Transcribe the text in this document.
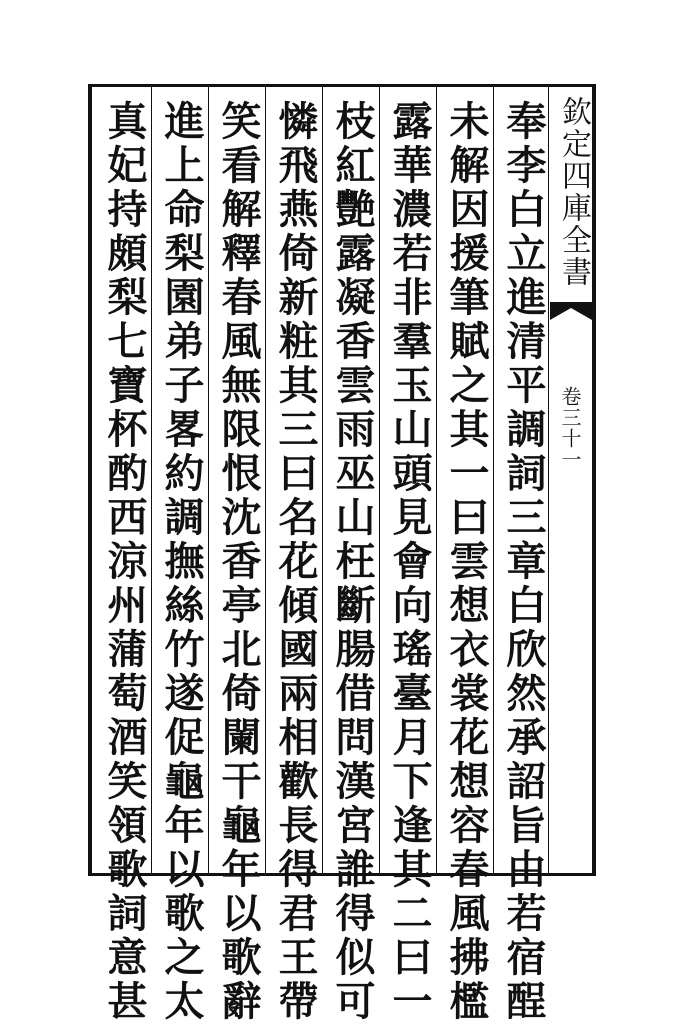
欽定四庫全書
卷三十一
奉李白立進清平調詞三章白欣然承詔旨由若宿酲
未解因援筆賦之其一曰雲想衣裳花想容春風拂檻
露華濃若非羣玉山頭見會向瑤臺月下逢其二曰一
枝紅艷露凝香雲雨巫山枉斷腸借問漢宮誰得似可
憐飛燕倚新粧其三曰名花傾國兩相歡長得君王帶
笑看解釋春風無限恨沈香亭北倚闌干龜年以歌辭
進上命梨園弟子畧約調撫絲竹遂促龜年以歌之太
真妃持頗梨七寶杯酌西涼州蒲萄酒笑領歌詞意甚
